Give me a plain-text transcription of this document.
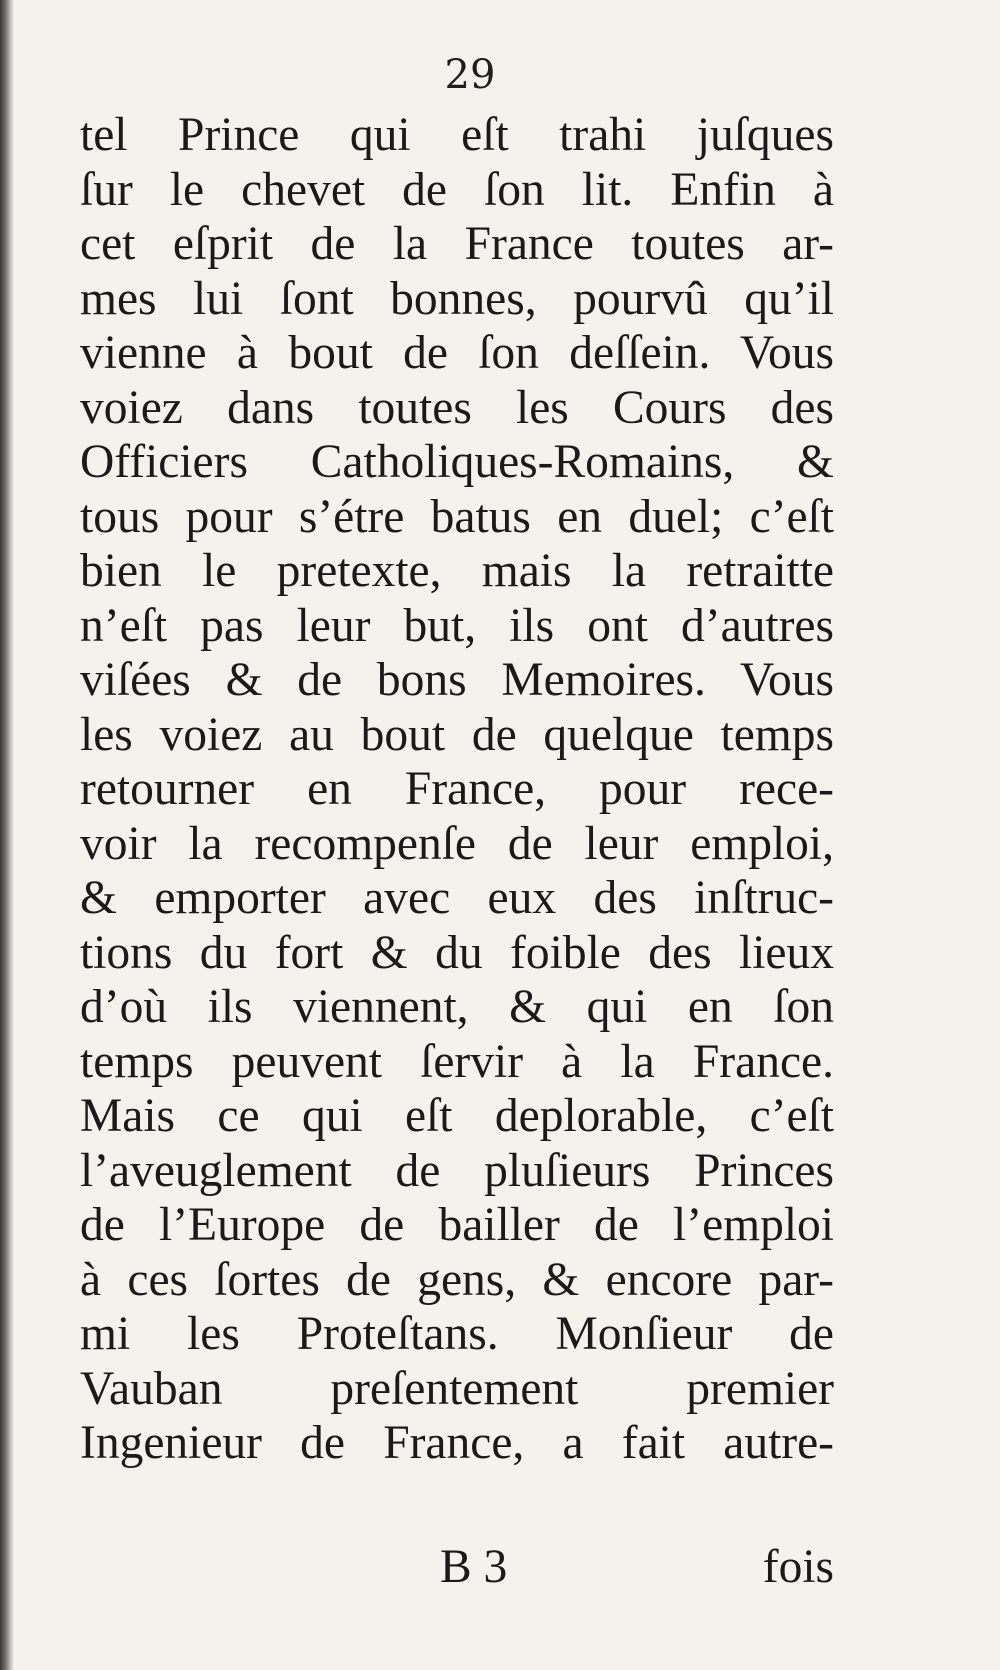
29
tel Prince qui eſt trahi juſques
ſur le chevet de ſon lit. Enfin à
cet eſprit de la France toutes ar-
mes lui ſont bonnes, pourvû qu’il
vienne à bout de ſon deſſein. Vous
voiez dans toutes les Cours des
Officiers Catholiques-Romains, &
tous pour s’étre batus en duel; c’eſt
bien le pretexte, mais la retraitte
n’eſt pas leur but, ils ont d’autres
viſées & de bons Memoires. Vous
les voiez au bout de quelque temps
retourner en France, pour rece-
voir la recompenſe de leur emploi,
& emporter avec eux des inſtruc-
tions du fort & du foible des lieux
d’où ils viennent, & qui en ſon
temps peuvent ſervir à la France.
Mais ce qui eſt deplorable, c’eſt
l’aveuglement de pluſieurs Princes
de l’Europe de bailler de l’emploi
à ces ſortes de gens, & encore par-
mi les Proteſtans. Monſieur de
Vauban preſentement premier
Ingenieur de France, a fait autre-
B 3	fois
